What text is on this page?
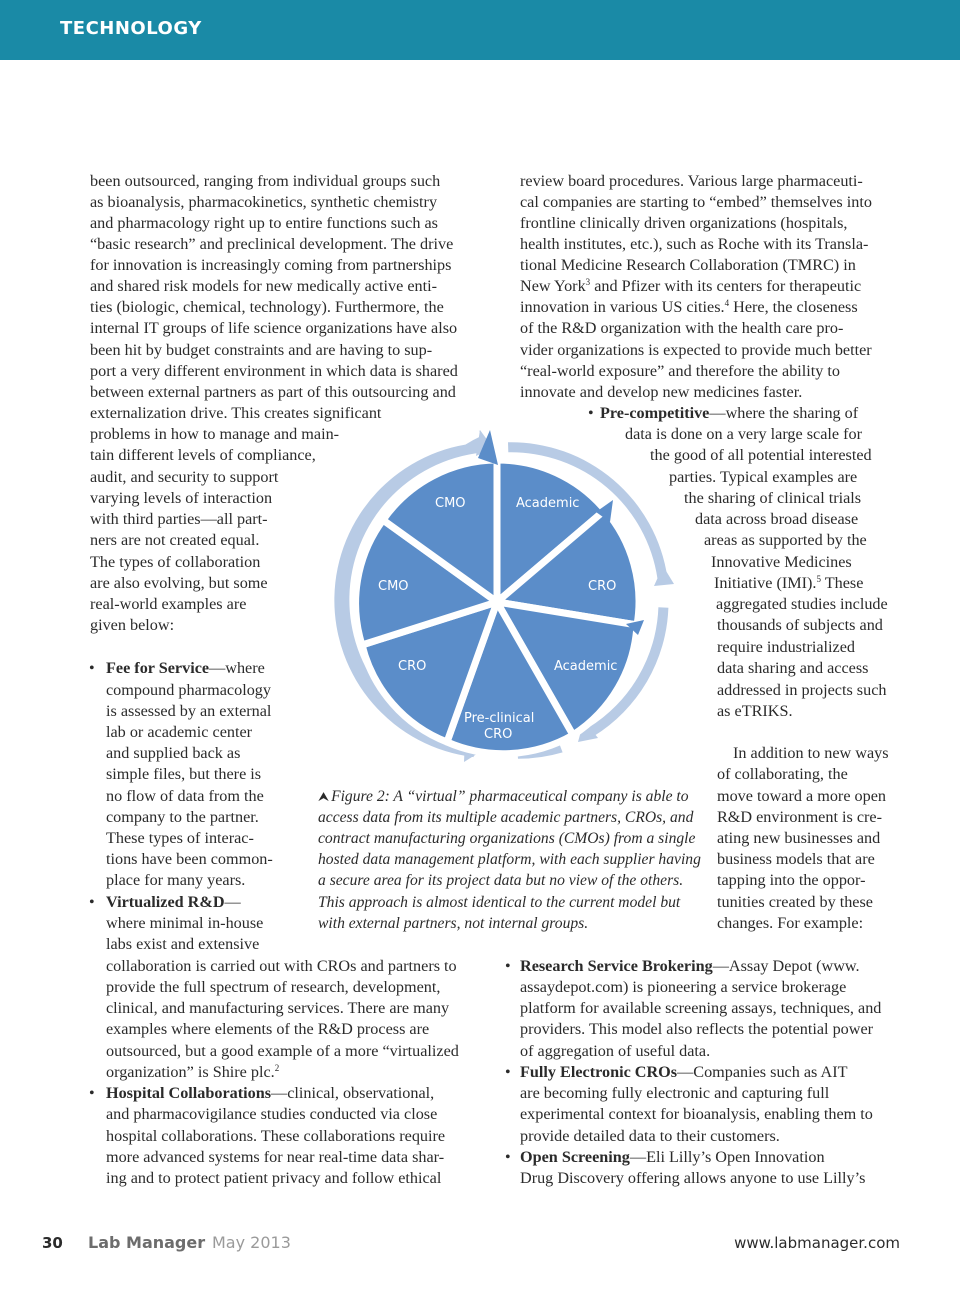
TECHNOLOGY
been outsourced, ranging from individual groups such
as bioanalysis, pharmacokinetics, synthetic chemistry
and pharmacology right up to entire functions such as
“basic research” and preclinical development. The drive
for innovation is increasingly coming from partnerships
and shared risk models for new medically active enti-
ties (biologic, chemical, technology). Furthermore, the
internal IT groups of life science organizations have also
been hit by budget constraints and are having to sup-
port a very different environment in which data is shared
between external partners as part of this outsourcing and
externalization drive. This creates significant
problems in how to manage and main-
tain different levels of compliance,
audit, and security to support
varying levels of interaction
with third parties—all part-
ners are not created equal.
The types of collaboration
are also evolving, but some
real-world examples are
given below:
• Fee for Service—where
compound pharmacology
is assessed by an external
lab or academic center
and supplied back as
simple files, but there is
no flow of data from the
company to the partner.
These types of interac-
tions have been common-
place for many years.
• Virtualized R&D—
where minimal in-house
labs exist and extensive
collaboration is carried out with CROs and partners to
provide the full spectrum of research, development,
clinical, and manufacturing services. There are many
examples where elements of the R&D process are
outsourced, but a good example of a more “virtualized
organization” is Shire plc.$^2$
• Hospital Collaborations—clinical, observational,
and pharmacovigilance studies conducted via close
hospital collaborations. These collaborations require
more advanced systems for near real-time data shar-
ing and to protect patient privacy and follow ethical
review board procedures. Various large pharmaceuti-
cal companies are starting to “embed” themselves into
frontline clinically driven organizations (hospitals,
health institutes, etc.), such as Roche with its Transla-
tional Medicine Research Collaboration (TMRC) in
New York$^3$ and Pfizer with its centers for therapeutic
innovation in various US cities.$^4$ Here, the closeness
of the R&D organization with the health care pro-
vider organizations is expected to provide much better
“real-world exposure” and therefore the ability to
innovate and develop new medicines faster.
• Pre-competitive—where the sharing of
data is done on a very large scale for
the good of all potential interested
parties. Typical examples are
the sharing of clinical trials
data across broad disease
areas as supported by the
Innovative Medicines
Initiative (IMI).$^5$ These
aggregated studies include
thousands of subjects and
require industrialized
data sharing and access
addressed in projects such
as eTRIKS.
In addition to new ways
of collaborating, the
move toward a more open
R&D environment is cre-
ating new businesses and
business models that are
tapping into the oppor-
tunities created by these
changes. For example:
• Research Service Brokering—Assay Depot (www.
assaydepot.com) is pioneering a service brokerage
platform for available screening assays, techniques, and
providers. This model also reflects the potential power
of aggregation of useful data.
• Fully Electronic CROs—Companies such as AIT
are becoming fully electronic and capturing full
experimental context for bioanalysis, enabling them to
provide detailed data to their customers.
• Open Screening—Eli Lilly’s Open Innovation
Drug Discovery offering allows anyone to use Lilly’s
Academic
CRO
Academic
Pre-clinical
CRO
CRO
CMO
CMO
⮝ Figure 2: A “virtual” pharmaceutical company is able to
access data from its multiple academic partners, CROs, and
contract manufacturing organizations (CMOs) from a single
hosted data management platform, with each supplier having
a secure area for its project data but no view of the others.
This approach is almost identical to the current model but
with external partners, not internal groups.
30 Lab Manager May 2013	www.labmanager.com
